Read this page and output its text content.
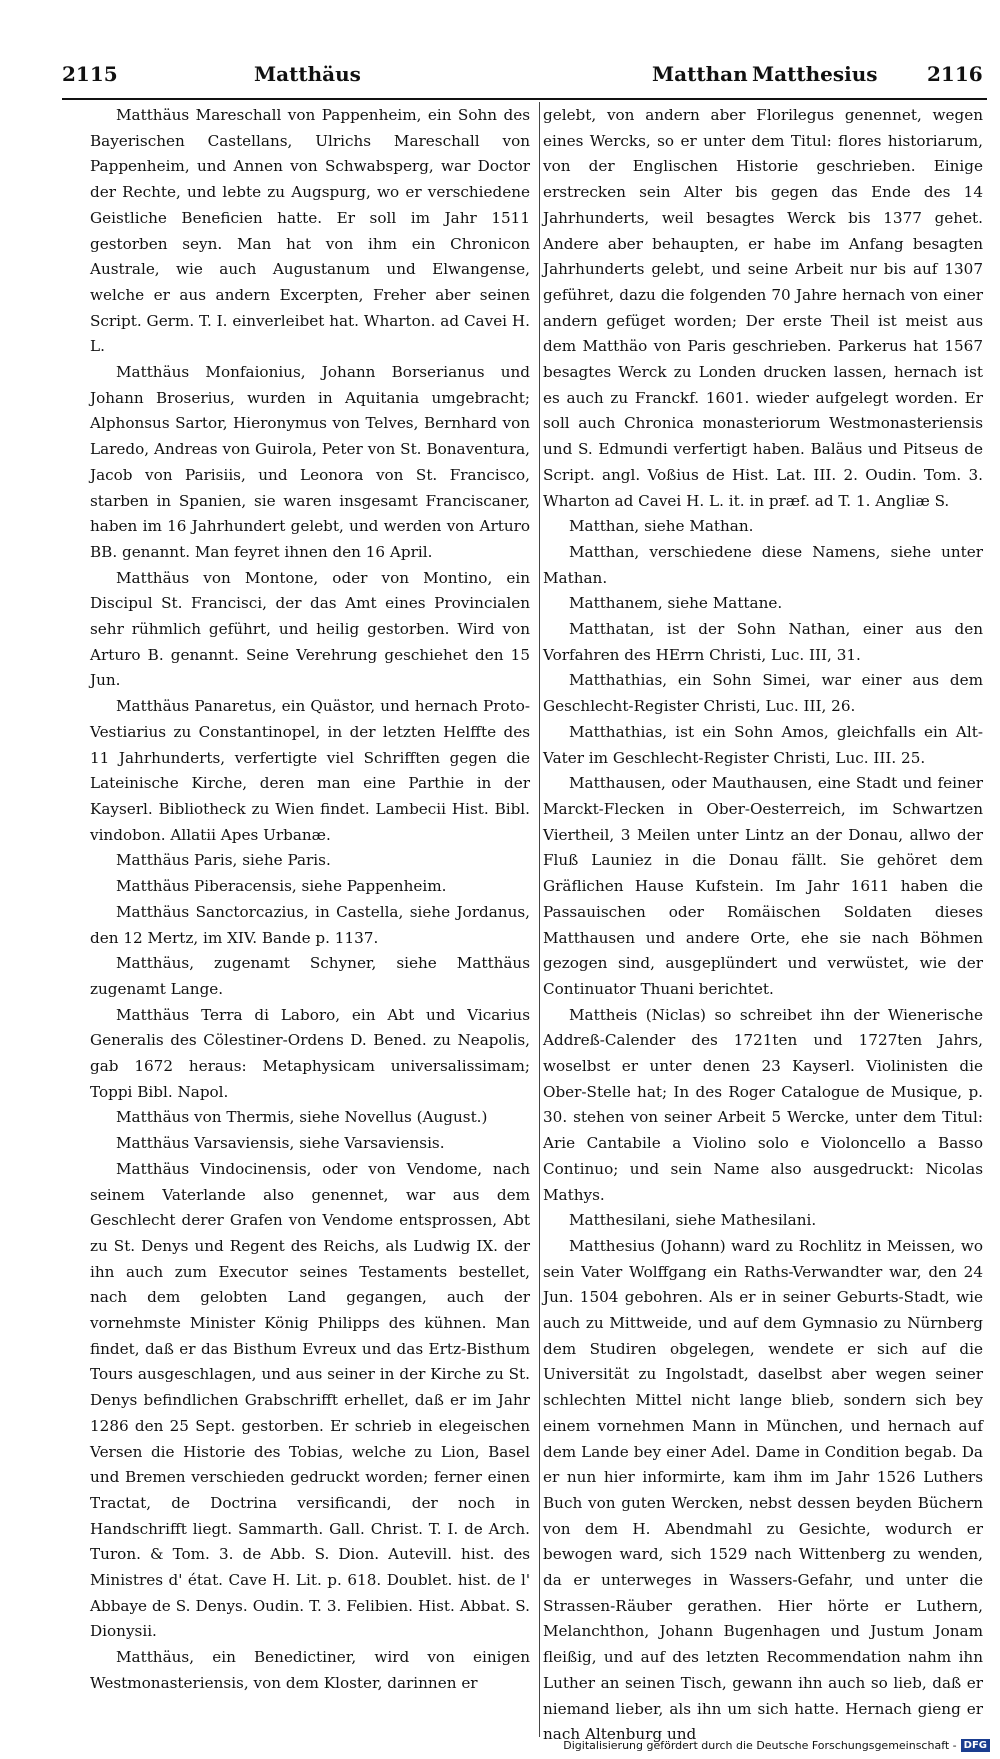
2115	Matthäus	Matthan Matthesius 2116

Matthäus Mareschall von Pappenheim, ein Sohn des Bayerischen Castellans, Ulrichs Mareschall von Pappenheim, und Annen von Schwabsperg, war Doctor der Rechte, und lebte zu Augspurg, wo er verschiedene Geistliche Beneficien hatte. Er soll im Jahr 1511 gestorben seyn. Man hat von ihm ein Chronicon Australe, wie auch Augustanum und Elwangense, welche er aus andern Excerpten, Freher aber seinen Script. Germ. T. I. einverleibet hat. Wharton. ad Cavei H. L.

Matthäus Monfaionius, Johann Borserianus und Johann Broserius, wurden in Aquitania umgebracht; Alphonsus Sartor, Hieronymus von Telves, Bernhard von Laredo, Andreas von Guirola, Peter von St. Bonaventura, Jacob von Parisiis, und Leonora von St. Francisco, starben in Spanien, sie waren insgesamt Franciscaner, haben im 16 Jahrhundert gelebt, und werden von Arturo BB. genannt. Man feyret ihnen den 16 April.

Matthäus von Montone, oder von Montino, ein Discipul St. Francisci, der das Amt eines Provincialen sehr rühmlich geführt, und heilig gestorben. Wird von Arturo B. genannt. Seine Verehrung geschiehet den 15 Jun.

Matthäus Panaretus, ein Quästor, und hernach Proto-Vestiarius zu Constantinopel, in der letzten Helffte des 11 Jahrhunderts, verfertigte viel Schrifften gegen die Lateinische Kirche, deren man eine Parthie in der Kayserl. Bibliotheck zu Wien findet. Lambecii Hist. Bibl. vindobon. Allatii Apes Urbanæ.

Matthäus Paris, siehe Paris.

Matthäus Piberacensis, siehe Pappenheim.

Matthäus Sanctorcazius, in Castella, siehe Jordanus, den 12 Mertz, im XIV. Bande p. 1137.

Matthäus, zugenamt Schyner, siehe Matthäus zugenamt Lange.

Matthäus Terra di Laboro, ein Abt und Vicarius Generalis des Cölestiner-Ordens D. Bened. zu Neapolis, gab 1672 heraus: Metaphysicam universalissimam; Toppi Bibl. Napol.

Matthäus von Thermis, siehe Novellus (August.)

Matthäus Varsaviensis, siehe Varsaviensis.

Matthäus Vindocinensis, oder von Vendome, nach seinem Vaterlande also genennet, war aus dem Geschlecht derer Grafen von Vendome entsprossen, Abt zu St. Denys und Regent des Reichs, als Ludwig IX. der ihn auch zum Executor seines Testaments bestellet, nach dem gelobten Land gegangen, auch der vornehmste Minister König Philipps des kühnen. Man findet, daß er das Bisthum Evreux und das Ertz-Bisthum Tours ausgeschlagen, und aus seiner in der Kirche zu St. Denys befindlichen Grabschrifft erhellet, daß er im Jahr 1286 den 25 Sept. gestorben. Er schrieb in elegeischen Versen die Historie des Tobias, welche zu Lion, Basel und Bremen verschieden gedruckt worden; ferner einen Tractat, de Doctrina versificandi, der noch in Handschrifft liegt. Sammarth. Gall. Christ. T. I. de Arch. Turon. & Tom. 3. de Abb. S. Dion. Autevill. hist. des Ministres d' état. Cave H. Lit. p. 618. Doublet. hist. de l' Abbaye de S. Denys. Oudin. T. 3. Felibien. Hist. Abbat. S. Dionysii.

Matthäus, ein Benedictiner, wird von einigen Westmonasteriensis, von dem Kloster, darinnen er

gelebt, von andern aber Florilegus genennet, wegen eines Wercks, so er unter dem Titul: flores historiarum, von der Englischen Historie geschrieben. Einige erstrecken sein Alter bis gegen das Ende des 14 Jahrhunderts, weil besagtes Werck bis 1377 gehet. Andere aber behaupten, er habe im Anfang besagten Jahrhunderts gelebt, und seine Arbeit nur bis auf 1307 geführet, dazu die folgenden 70 Jahre hernach von einer andern gefüget worden; Der erste Theil ist meist aus dem Matthäo von Paris geschrieben. Parkerus hat 1567 besagtes Werck zu Londen drucken lassen, hernach ist es auch zu Franckf. 1601. wieder aufgelegt worden. Er soll auch Chronica monasteriorum Westmonasteriensis und S. Edmundi verfertigt haben. Baläus und Pitseus de Script. angl. Voßius de Hist. Lat. III. 2. Oudin. Tom. 3. Wharton ad Cavei H. L. it. in præf. ad T. 1. Angliæ S.

Matthan, siehe Mathan.

Matthan, verschiedene diese Namens, siehe unter Mathan.

Matthanem, siehe Mattane.

Matthatan, ist der Sohn Nathan, einer aus den Vorfahren des HErrn Christi, Luc. III, 31.

Matthathias, ein Sohn Simei, war einer aus dem Geschlecht-Register Christi, Luc. III, 26.

Matthathias, ist ein Sohn Amos, gleichfalls ein Alt-Vater im Geschlecht-Register Christi, Luc. III. 25.

Matthausen, oder Mauthausen, eine Stadt und feiner Marckt-Flecken in Ober-Oesterreich, im Schwartzen Viertheil, 3 Meilen unter Lintz an der Donau, allwo der Fluß Launiez in die Donau fällt. Sie gehöret dem Gräflichen Hause Kufstein. Im Jahr 1611 haben die Passauischen oder Romäischen Soldaten dieses Matthausen und andere Orte, ehe sie nach Böhmen gezogen sind, ausgeplündert und verwüstet, wie der Continuator Thuani berichtet.

Mattheis (Niclas) so schreibet ihn der Wienerische Addreß-Calender des 1721ten und 1727ten Jahrs, woselbst er unter denen 23 Kayserl. Violinisten die Ober-Stelle hat; In des Roger Catalogue de Musique, p. 30. stehen von seiner Arbeit 5 Wercke, unter dem Titul: Arie Cantabile a Violino solo e Violoncello a Basso Continuo; und sein Name also ausgedruckt: Nicolas Mathys.

Matthesilani, siehe Mathesilani.

Matthesius (Johann) ward zu Rochlitz in Meissen, wo sein Vater Wolffgang ein Raths-Verwandter war, den 24 Jun. 1504 gebohren. Als er in seiner Geburts-Stadt, wie auch zu Mittweide, und auf dem Gymnasio zu Nürnberg dem Studiren obgelegen, wendete er sich auf die Universität zu Ingolstadt, daselbst aber wegen seiner schlechten Mittel nicht lange blieb, sondern sich bey einem vornehmen Mann in München, und hernach auf dem Lande bey einer Adel. Dame in Condition begab. Da er nun hier informirte, kam ihm im Jahr 1526 Luthers Buch von guten Wercken, nebst dessen beyden Büchern von dem H. Abendmahl zu Gesichte, wodurch er bewogen ward, sich 1529 nach Wittenberg zu wenden, da er unterweges in Wassers-Gefahr, und unter die Strassen-Räuber gerathen. Hier hörte er Luthern, Melanchthon, Johann Bugenhagen und Justum Jonam fleißig, und auf des letzten Recommendation nahm ihn Luther an seinen Tisch, gewann ihn auch so lieb, daß er niemand lieber, als ihn um sich hatte. Hernach gieng er nach Altenburg und

Digitalisierung gefördert durch die Deutsche Forschungsgemeinschaft - DFG
